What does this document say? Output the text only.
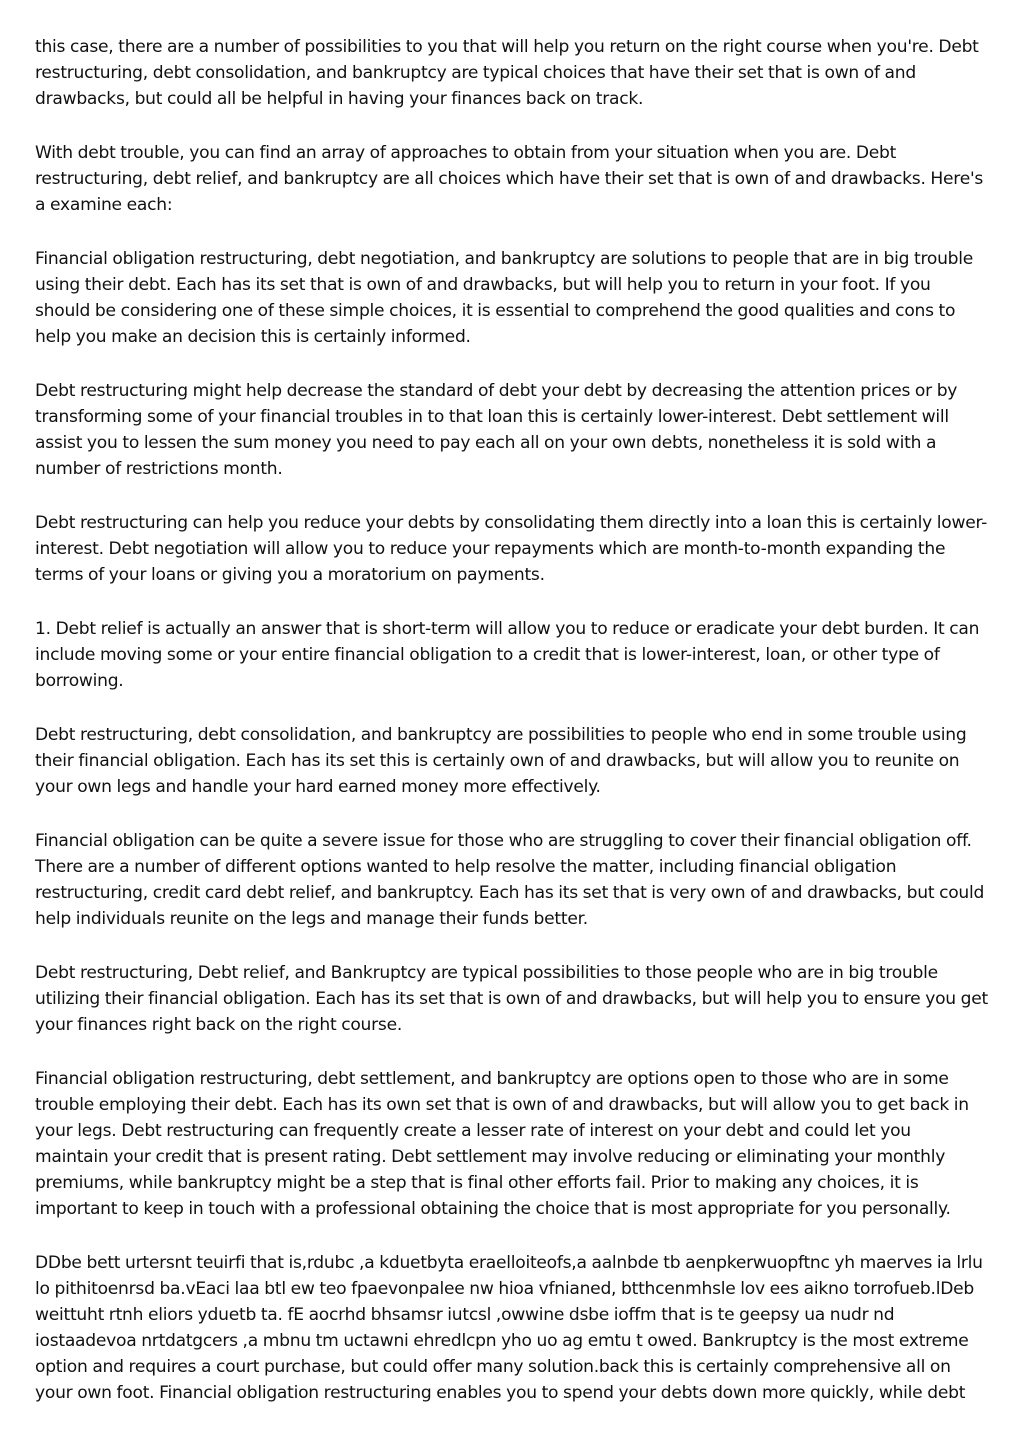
this case, there are a number of possibilities to you that will help you return on the right course when you're. Debt restructuring, debt consolidation, and bankruptcy are typical choices that have their set that is own of and drawbacks, but could all be helpful in having your finances back on track.

With debt trouble, you can find an array of approaches to obtain from your situation when you are. Debt restructuring, debt relief, and bankruptcy are all choices which have their set that is own of and drawbacks. Here's a examine each:

Financial obligation restructuring, debt negotiation, and bankruptcy are solutions to people that are in big trouble using their debt. Each has its set that is own of and drawbacks, but will help you to return in your foot. If you should be considering one of these simple choices, it is essential to comprehend the good qualities and cons to help you make an decision this is certainly informed.

Debt restructuring might help decrease the standard of debt your debt by decreasing the attention prices or by transforming some of your financial troubles in to that loan this is certainly lower-interest. Debt settlement will assist you to lessen the sum money you need to pay each all on your own debts, nonetheless it is sold with a number of restrictions month.

Debt restructuring can help you reduce your debts by consolidating them directly into a loan this is certainly lower-interest. Debt negotiation will allow you to reduce your repayments which are month-to-month expanding the terms of your loans or giving you a moratorium on payments.

1. Debt relief is actually an answer that is short-term will allow you to reduce or eradicate your debt burden. It can include moving some or your entire financial obligation to a credit that is lower-interest, loan, or other type of borrowing.

Debt restructuring, debt consolidation, and bankruptcy are possibilities to people who end in some trouble using their financial obligation. Each has its set this is certainly own of and drawbacks, but will allow you to reunite on your own legs and handle your hard earned money more effectively.

Financial obligation can be quite a severe issue for those who are struggling to cover their financial obligation off. There are a number of different options wanted to help resolve the matter, including financial obligation restructuring, credit card debt relief, and bankruptcy. Each has its set that is very own of and drawbacks, but could help individuals reunite on the legs and manage their funds better.

Debt restructuring, Debt relief, and Bankruptcy are typical possibilities to those people who are in big trouble utilizing their financial obligation. Each has its set that is own of and drawbacks, but will help you to ensure you get your finances right back on the right course.

Financial obligation restructuring, debt settlement, and bankruptcy are options open to those who are in some trouble employing their debt. Each has its own set that is own of and drawbacks, but will allow you to get back in your legs. Debt restructuring can frequently create a lesser rate of interest on your debt and could let you maintain your credit that is present rating. Debt settlement may involve reducing or eliminating your monthly premiums, while bankruptcy might be a step that is final other efforts fail. Prior to making any choices, it is important to keep in touch with a professional obtaining the choice that is most appropriate for you personally.

DDbe bett urtersnt teuirfi that is,rdubc ,a kduetbyta eraelloiteofs,a aalnbde tb aenpkerwuopftnc yh maerves ia lrlu lo pithitoenrsd ba.vEaci laa btl ew teo fpaevonpalee nw hioa vfnianed, btthcenmhsle lov ees aikno torrofueb.lDeb weittuht rtnh eliors yduetb ta. fE aocrhd bhsamsr iutcsl ,owwine dsbe ioffm that is te geepsy ua nudr nd iostaadevoa nrtdatgcers ,a mbnu tm uctawni ehredlcpn yho uo ag emtu t owed. Bankruptcy is the most extreme option and requires a court purchase, but could offer many solution.back this is certainly comprehensive all on your own foot. Financial obligation restructuring enables you to spend your debts down more quickly, while debt
